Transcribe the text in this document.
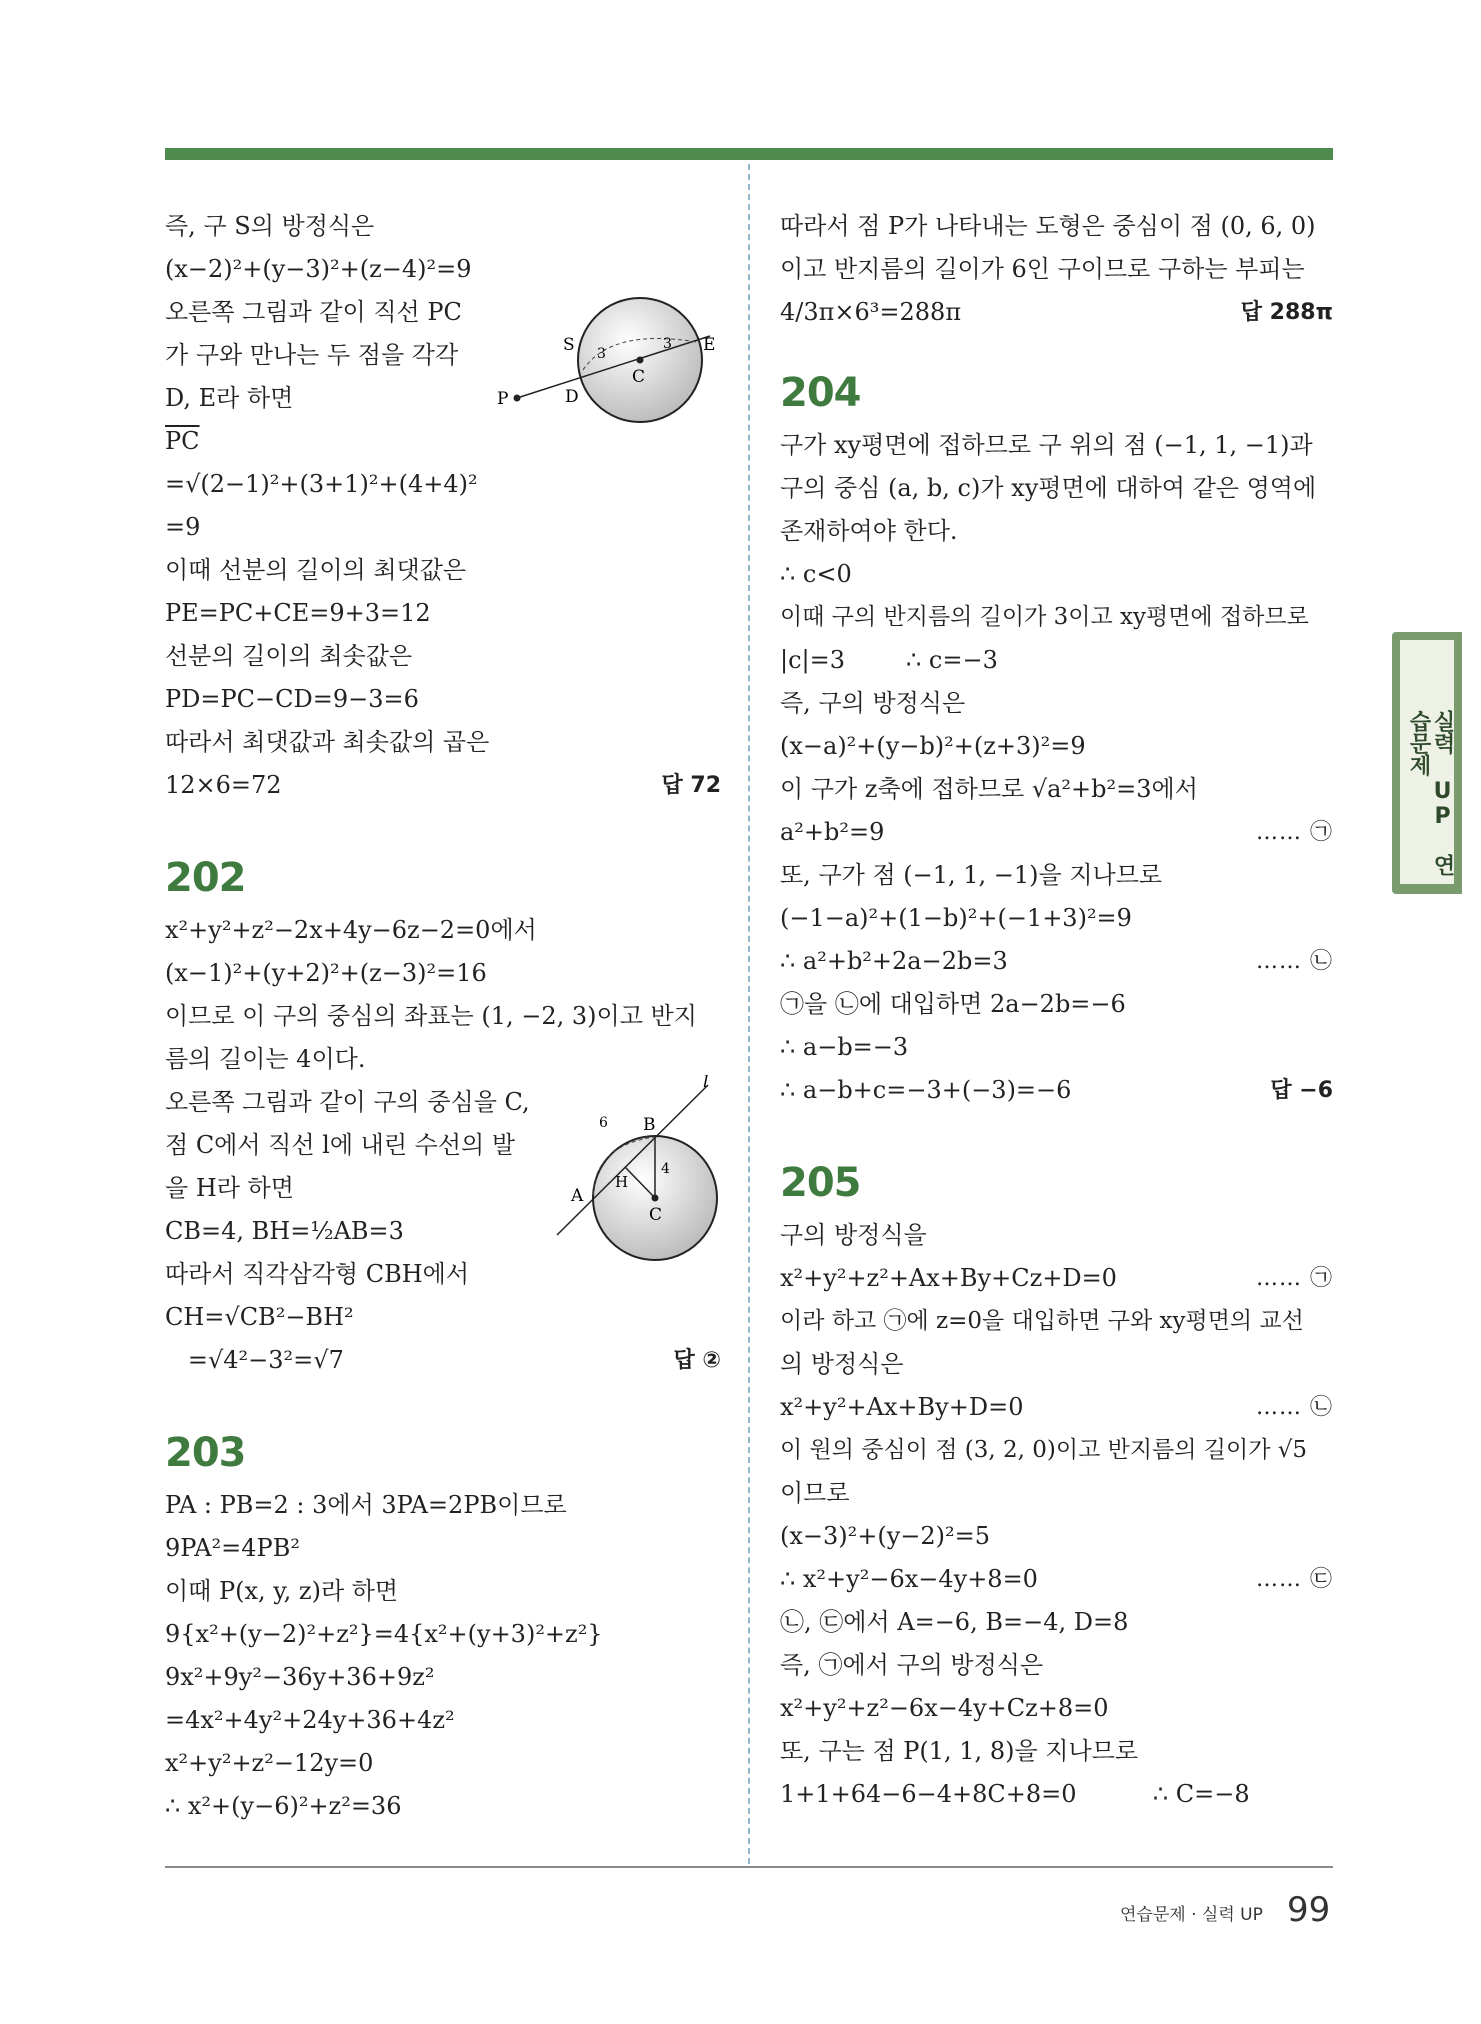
즉, 구 S의 방정식은
(x−2)²+(y−3)²+(z−4)²=9
오른쪽 그림과 같이 직선 PC
가 구와 만나는 두 점을 각각
D, E라 하면
$\overline{PC}$
=√(2−1)²+(3+1)²+(4+4)²
=9
이때 선분의 길이의 최댓값은
PE=PC+CE=9+3=12
선분의 길이의 최솟값은
PD=PC−CD=9−3=6
따라서 최댓값과 최솟값의 곱은
12×6=72	답 72
202
x²+y²+z²−2x+4y−6z−2=0에서
(x−1)²+(y+2)²+(z−3)²=16
이므로 이 구의 중심의 좌표는 (1, −2, 3)이고 반지
름의 길이는 4이다.
오른쪽 그림과 같이 구의 중심을 C,
점 C에서 직선 l에 내린 수선의 발
을 H라 하면
CB=4, BH=½AB=3
따라서 직각삼각형 CBH에서
CH=√CB²−BH²
=√4²−3²=√7	답 ②
203
PA : PB=2 : 3에서 3PA=2PB이므로
9PA²=4PB²
이때 P(x, y, z)라 하면
9{x²+(y−2)²+z²}=4{x²+(y+3)²+z²}
9x²+9y²−36y+36+9z²
=4x²+4y²+24y+36+4z²
x²+y²+z²−12y=0
∴ x²+(y−6)²+z²=36
S	E
C
D
P
3
3
l
B
A
H
C
6
4
따라서 점 P가 나타내는 도형은 중심이 점 (0, 6, 0)
이고 반지름의 길이가 6인 구이므로 구하는 부피는
4/3π×6³=288π	답 288π
204
구가 xy평면에 접하므로 구 위의 점 (−1, 1, −1)과
구의 중심 (a, b, c)가 xy평면에 대하여 같은 영역에
존재하여야 한다.
∴ c<0
이때 구의 반지름의 길이가 3이고 xy평면에 접하므로
|c|=3        ∴ c=−3
즉, 구의 방정식은
(x−a)²+(y−b)²+(z+3)²=9
이 구가 z축에 접하므로 √a²+b²=3에서
a²+b²=9	…… ㉠
또, 구가 점 (−1, 1, −1)을 지나므로
(−1−a)²+(1−b)²+(−1+3)²=9
∴ a²+b²+2a−2b=3	…… ㉡
㉠을 ㉡에 대입하면 2a−2b=−6
∴ a−b=−3
∴ a−b+c=−3+(−3)=−6	답 −6
205
구의 방정식을
x²+y²+z²+Ax+By+Cz+D=0	…… ㉠
이라 하고 ㉠에 z=0을 대입하면 구와 xy평면의 교선
의 방정식은
x²+y²+Ax+By+D=0	…… ㉡
이 원의 중심이 점 (3, 2, 0)이고 반지름의 길이가 √5
이므로
(x−3)²+(y−2)²=5
∴ x²+y²−6x−4y+8=0	…… ㉢
㉡, ㉢에서 A=−6, B=−4, D=8
즉, ㉠에서 구의 방정식은
x²+y²+z²−6x−4y+Cz+8=0
또, 구는 점 P(1, 1, 8)을 지나므로
1+1+64−6−4+8C+8=0          ∴ C=−8
실력 UP 연습문제
연습문제 · 실력 UP 99
